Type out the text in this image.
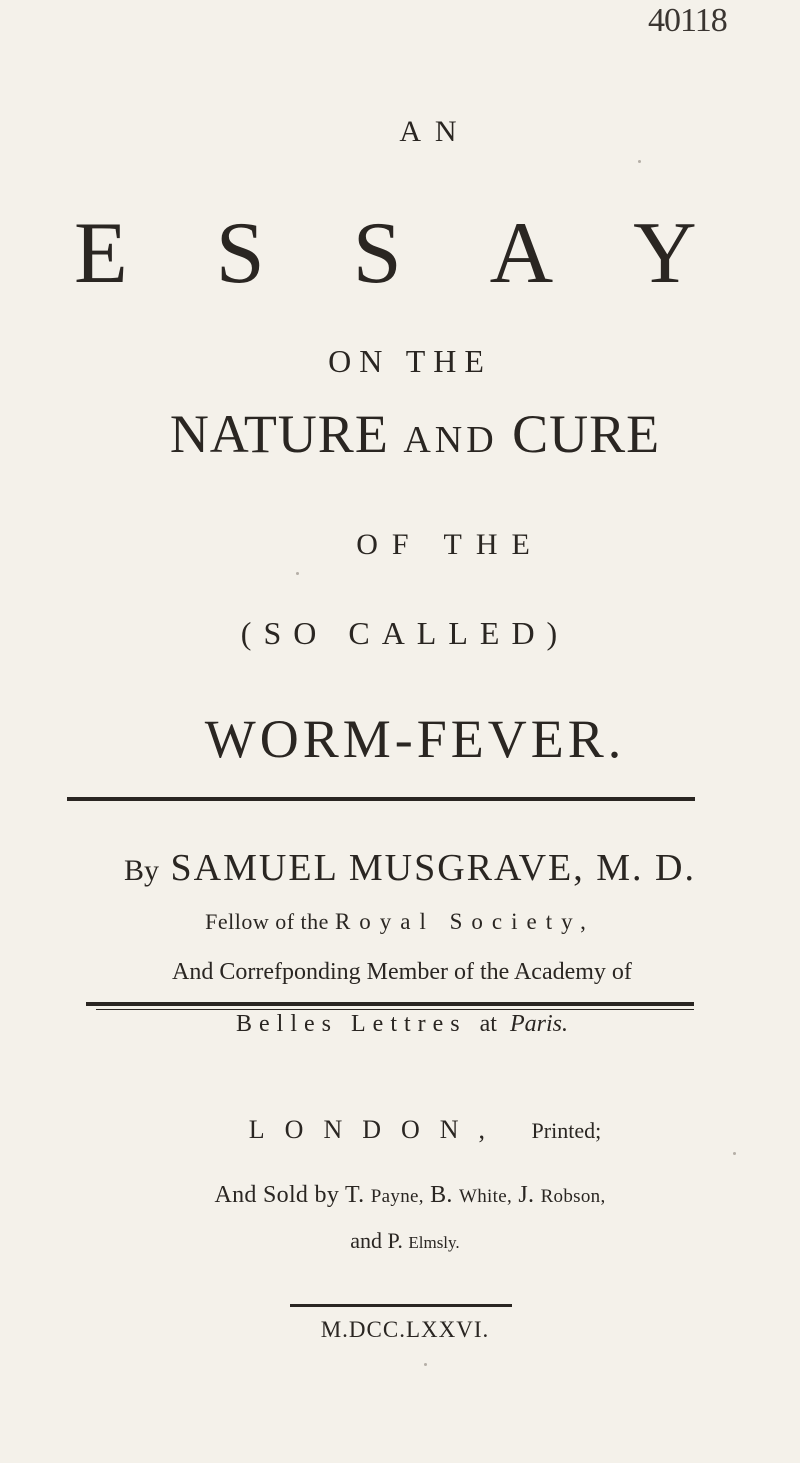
40118
A N
ESSAY
ON THE
NATURE AND CURE
OF THE
(SO CALLED)
WORM-FEVER.
By SAMUEL MUSGRAVE, M. D.
Fellow of the Royal Society,
And Correfponding Member of the Academy of
Belles Lettres at Paris.
LONDON, Printed;
And Sold by T. Payne, B. White, J. Robson,
and P. Elmsly.
M.DCC.LXXVI.
